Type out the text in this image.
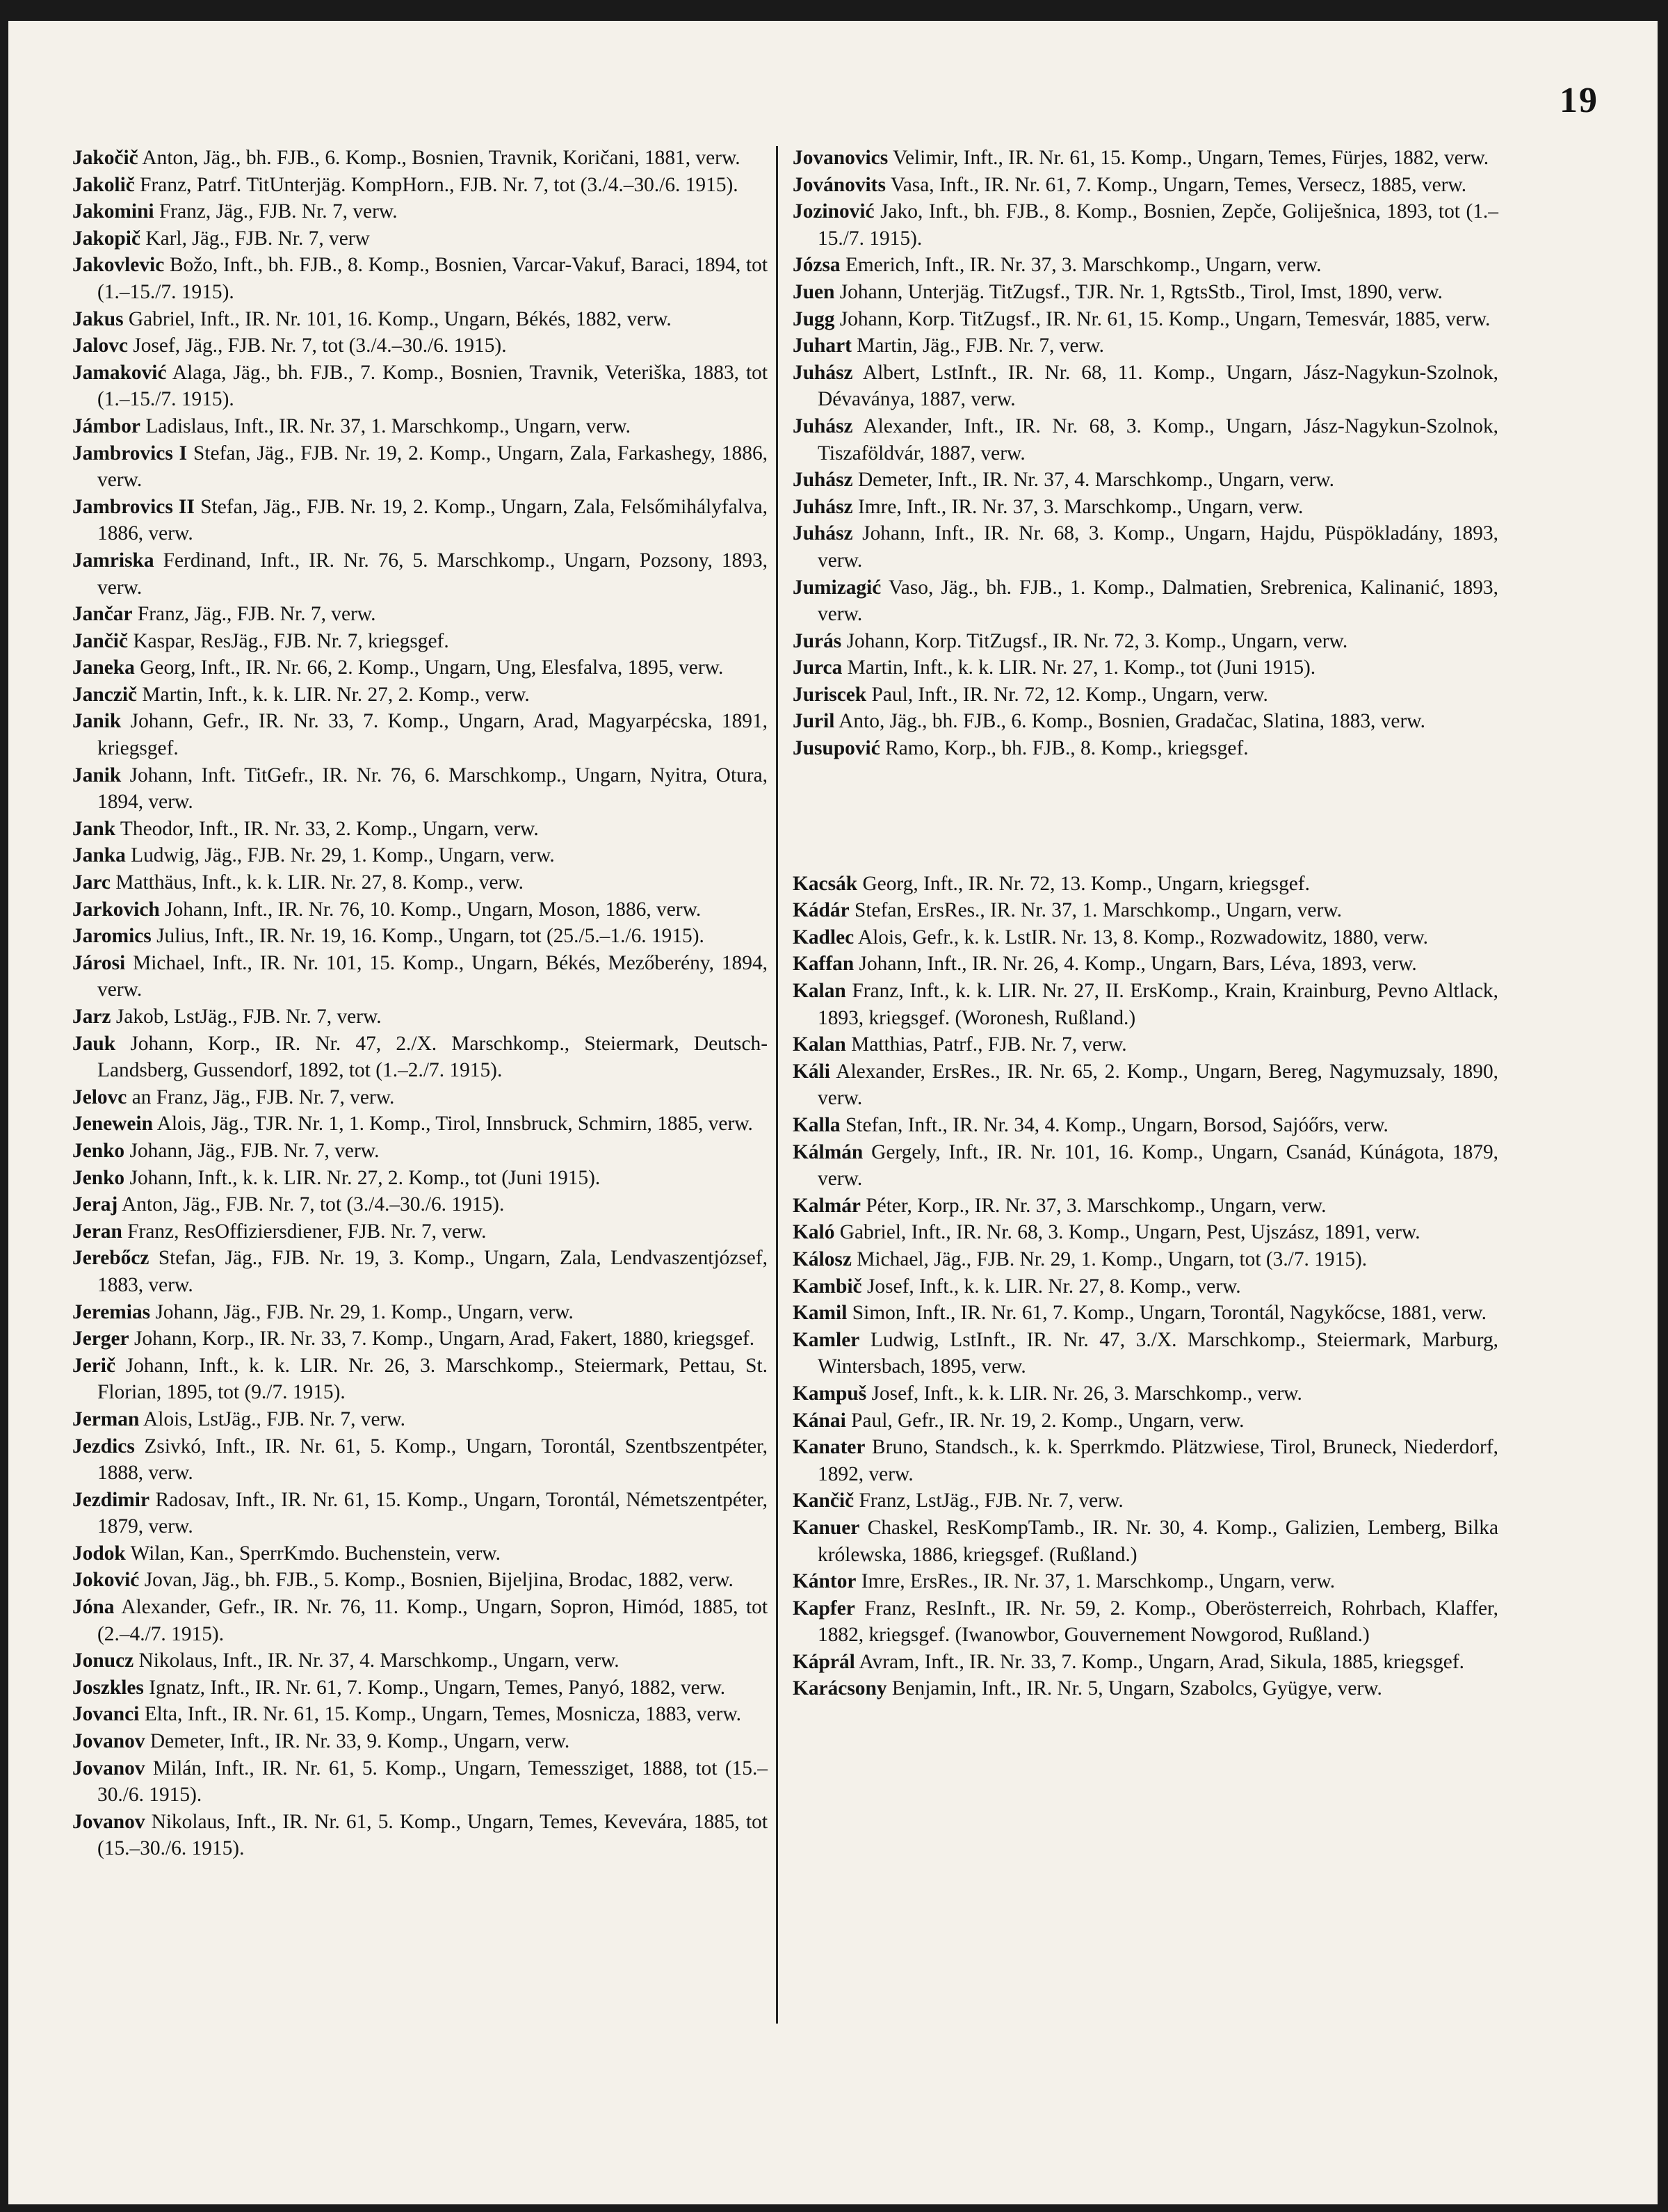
19

Jakočič Anton, Jäg., bh. FJB., 6. Komp., Bosnien, Travnik, Koričani, 1881, verw.

Jakolič Franz, Patrf. TitUnterjäg. KompHorn., FJB. Nr. 7, tot (3./4.–30./6. 1915).

Jakomini Franz, Jäg., FJB. Nr. 7, verw.

Jakopič Karl, Jäg., FJB. Nr. 7, verw

Jakovlevic Božo, Inft., bh. FJB., 8. Komp., Bosnien, Varcar-Vakuf, Baraci, 1894, tot (1.–15./7. 1915).

Jakus Gabriel, Inft., IR. Nr. 101, 16. Komp., Ungarn, Békés, 1882, verw.

Jalovc Josef, Jäg., FJB. Nr. 7, tot (3./4.–30./6. 1915).

Jamaković Alaga, Jäg., bh. FJB., 7. Komp., Bosnien, Travnik, Veteriška, 1883, tot (1.–15./7. 1915).

Jámbor Ladislaus, Inft., IR. Nr. 37, 1. Marschkomp., Ungarn, verw.

Jambrovics I Stefan, Jäg., FJB. Nr. 19, 2. Komp., Ungarn, Zala, Farkashegy, 1886, verw.

Jambrovics II Stefan, Jäg., FJB. Nr. 19, 2. Komp., Ungarn, Zala, Felsőmihályfalva, 1886, verw.

Jamriska Ferdinand, Inft., IR. Nr. 76, 5. Marschkomp., Ungarn, Pozsony, 1893, verw.

Jančar Franz, Jäg., FJB. Nr. 7, verw.

Jančič Kaspar, ResJäg., FJB. Nr. 7, kriegsgef.

Janeka Georg, Inft., IR. Nr. 66, 2. Komp., Ungarn, Ung, Elesfalva, 1895, verw.

Janczič Martin, Inft., k. k. LIR. Nr. 27, 2. Komp., verw.

Janik Johann, Gefr., IR. Nr. 33, 7. Komp., Ungarn, Arad, Magyarpécska, 1891, kriegsgef.

Janik Johann, Inft. TitGefr., IR. Nr. 76, 6. Marschkomp., Ungarn, Nyitra, Otura, 1894, verw.

Jank Theodor, Inft., IR. Nr. 33, 2. Komp., Ungarn, verw.

Janka Ludwig, Jäg., FJB. Nr. 29, 1. Komp., Ungarn, verw.

Jarc Matthäus, Inft., k. k. LIR. Nr. 27, 8. Komp., verw.

Jarkovich Johann, Inft., IR. Nr. 76, 10. Komp., Ungarn, Moson, 1886, verw.

Jaromics Julius, Inft., IR. Nr. 19, 16. Komp., Ungarn, tot (25./5.–1./6. 1915).

Járosi Michael, Inft., IR. Nr. 101, 15. Komp., Ungarn, Békés, Mezőberény, 1894, verw.

Jarz Jakob, LstJäg., FJB. Nr. 7, verw.

Jauk Johann, Korp., IR. Nr. 47, 2./X. Marschkomp., Steiermark, Deutsch-Landsberg, Gussendorf, 1892, tot (1.–2./7. 1915).

Jelovc an Franz, Jäg., FJB. Nr. 7, verw.

Jenewein Alois, Jäg., TJR. Nr. 1, 1. Komp., Tirol, Innsbruck, Schmirn, 1885, verw.

Jenko Johann, Jäg., FJB. Nr. 7, verw.

Jenko Johann, Inft., k. k. LIR. Nr. 27, 2. Komp., tot (Juni 1915).

Jeraj Anton, Jäg., FJB. Nr. 7, tot (3./4.–30./6. 1915).

Jeran Franz, ResOffiziersdiener, FJB. Nr. 7, verw.

Jerebőcz Stefan, Jäg., FJB. Nr. 19, 3. Komp., Ungarn, Zala, Lendvaszentjózsef, 1883, verw.

Jeremias Johann, Jäg., FJB. Nr. 29, 1. Komp., Ungarn, verw.

Jerger Johann, Korp., IR. Nr. 33, 7. Komp., Ungarn, Arad, Fakert, 1880, kriegsgef.

Jerič Johann, Inft., k. k. LIR. Nr. 26, 3. Marschkomp., Steiermark, Pettau, St. Florian, 1895, tot (9./7. 1915).

Jerman Alois, LstJäg., FJB. Nr. 7, verw.

Jezdics Zsivkó, Inft., IR. Nr. 61, 5. Komp., Ungarn, Torontál, Szentbszentpéter, 1888, verw.

Jezdimir Radosav, Inft., IR. Nr. 61, 15. Komp., Ungarn, Torontál, Németszentpéter, 1879, verw.

Jodok Wilan, Kan., SperrKmdo. Buchenstein, verw.

Joković Jovan, Jäg., bh. FJB., 5. Komp., Bosnien, Bijeljina, Brodac, 1882, verw.

Jóna Alexander, Gefr., IR. Nr. 76, 11. Komp., Ungarn, Sopron, Himód, 1885, tot (2.–4./7. 1915).

Jonucz Nikolaus, Inft., IR. Nr. 37, 4. Marschkomp., Ungarn, verw.

Joszkles Ignatz, Inft., IR. Nr. 61, 7. Komp., Ungarn, Temes, Panyó, 1882, verw.

Jovanci Elta, Inft., IR. Nr. 61, 15. Komp., Ungarn, Temes, Mosnicza, 1883, verw.

Jovanov Demeter, Inft., IR. Nr. 33, 9. Komp., Ungarn, verw.

Jovanov Milán, Inft., IR. Nr. 61, 5. Komp., Ungarn, Temessziget, 1888, tot (15.–30./6. 1915).

Jovanov Nikolaus, Inft., IR. Nr. 61, 5. Komp., Ungarn, Temes, Kevevára, 1885, tot (15.–30./6. 1915).

Jovanovics Velimir, Inft., IR. Nr. 61, 15. Komp., Ungarn, Temes, Fürjes, 1882, verw.

Jovánovits Vasa, Inft., IR. Nr. 61, 7. Komp., Ungarn, Temes, Versecz, 1885, verw.

Jozinović Jako, Inft., bh. FJB., 8. Komp., Bosnien, Zepče, Goliješnica, 1893, tot (1.–15./7. 1915).

Józsa Emerich, Inft., IR. Nr. 37, 3. Marschkomp., Ungarn, verw.

Juen Johann, Unterjäg. TitZugsf., TJR. Nr. 1, RgtsStb., Tirol, Imst, 1890, verw.

Jugg Johann, Korp. TitZugsf., IR. Nr. 61, 15. Komp., Ungarn, Temesvár, 1885, verw.

Juhart Martin, Jäg., FJB. Nr. 7, verw.

Juhász Albert, LstInft., IR. Nr. 68, 11. Komp., Ungarn, Jász-Nagykun-Szolnok, Dévaványa, 1887, verw.

Juhász Alexander, Inft., IR. Nr. 68, 3. Komp., Ungarn, Jász-Nagykun-Szolnok, Tiszaföldvár, 1887, verw.

Juhász Demeter, Inft., IR. Nr. 37, 4. Marschkomp., Ungarn, verw.

Juhász Imre, Inft., IR. Nr. 37, 3. Marschkomp., Ungarn, verw.

Juhász Johann, Inft., IR. Nr. 68, 3. Komp., Ungarn, Hajdu, Püspökladány, 1893, verw.

Jumizagić Vaso, Jäg., bh. FJB., 1. Komp., Dalmatien, Srebrenica, Kalinanić, 1893, verw.

Jurás Johann, Korp. TitZugsf., IR. Nr. 72, 3. Komp., Ungarn, verw.

Jurca Martin, Inft., k. k. LIR. Nr. 27, 1. Komp., tot (Juni 1915).

Juriscek Paul, Inft., IR. Nr. 72, 12. Komp., Ungarn, verw.

Juril Anto, Jäg., bh. FJB., 6. Komp., Bosnien, Gradačac, Slatina, 1883, verw.

Jusupović Ramo, Korp., bh. FJB., 8. Komp., kriegsgef.

Kacsák Georg, Inft., IR. Nr. 72, 13. Komp., Ungarn, kriegsgef.

Kádár Stefan, ErsRes., IR. Nr. 37, 1. Marschkomp., Ungarn, verw.

Kadlec Alois, Gefr., k. k. LstIR. Nr. 13, 8. Komp., Rozwadowitz, 1880, verw.

Kaffan Johann, Inft., IR. Nr. 26, 4. Komp., Ungarn, Bars, Léva, 1893, verw.

Kalan Franz, Inft., k. k. LIR. Nr. 27, II. ErsKomp., Krain, Krainburg, Pevno Altlack, 1893, kriegsgef. (Woronesh, Rußland.)

Kalan Matthias, Patrf., FJB. Nr. 7, verw.

Káli Alexander, ErsRes., IR. Nr. 65, 2. Komp., Ungarn, Bereg, Nagymuzsaly, 1890, verw.

Kalla Stefan, Inft., IR. Nr. 34, 4. Komp., Ungarn, Borsod, Sajóőrs, verw.

Kálmán Gergely, Inft., IR. Nr. 101, 16. Komp., Ungarn, Csanád, Kúnágota, 1879, verw.

Kalmár Péter, Korp., IR. Nr. 37, 3. Marschkomp., Ungarn, verw.

Kaló Gabriel, Inft., IR. Nr. 68, 3. Komp., Ungarn, Pest, Ujszász, 1891, verw.

Kálosz Michael, Jäg., FJB. Nr. 29, 1. Komp., Ungarn, tot (3./7. 1915).

Kambič Josef, Inft., k. k. LIR. Nr. 27, 8. Komp., verw.

Kamil Simon, Inft., IR. Nr. 61, 7. Komp., Ungarn, Torontál, Nagykőcse, 1881, verw.

Kamler Ludwig, LstInft., IR. Nr. 47, 3./X. Marschkomp., Steiermark, Marburg, Wintersbach, 1895, verw.

Kampuš Josef, Inft., k. k. LIR. Nr. 26, 3. Marschkomp., verw.

Kánai Paul, Gefr., IR. Nr. 19, 2. Komp., Ungarn, verw.

Kanater Bruno, Standsch., k. k. Sperrkmdo. Plätzwiese, Tirol, Bruneck, Niederdorf, 1892, verw.

Kančič Franz, LstJäg., FJB. Nr. 7, verw.

Kanuer Chaskel, ResKompTamb., IR. Nr. 30, 4. Komp., Galizien, Lemberg, Bilka królewska, 1886, kriegsgef. (Rußland.)

Kántor Imre, ErsRes., IR. Nr. 37, 1. Marschkomp., Ungarn, verw.

Kapfer Franz, ResInft., IR. Nr. 59, 2. Komp., Oberösterreich, Rohrbach, Klaffer, 1882, kriegsgef. (Iwanowbor, Gouvernement Nowgorod, Rußland.)

Káprál Avram, Inft., IR. Nr. 33, 7. Komp., Ungarn, Arad, Sikula, 1885, kriegsgef.

Karácsony Benjamin, Inft., IR. Nr. 5, Ungarn, Szabolcs, Gyügye, verw.
